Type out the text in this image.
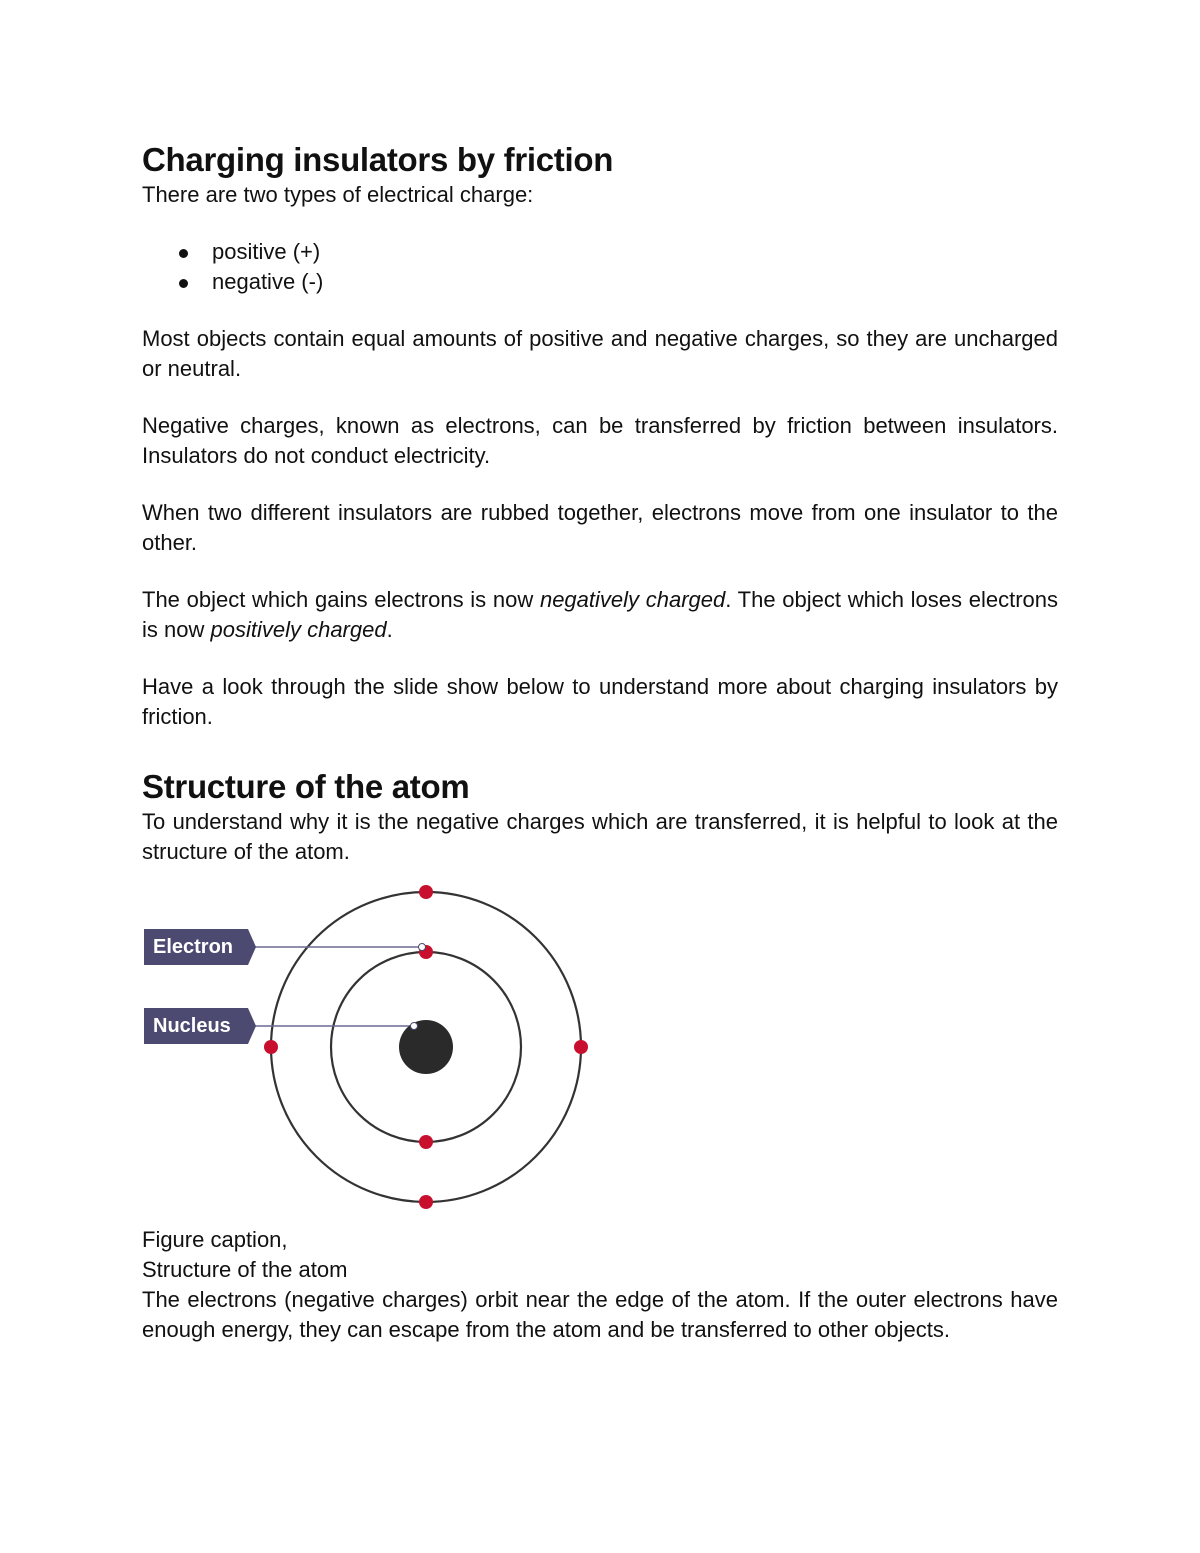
Charging insulators by friction

There are two types of electrical charge:

positive (+)
negative (-)

Most objects contain equal amounts of positive and negative charges, so they are uncharged or neutral.

Negative charges, known as electrons, can be transferred by friction between insulators. Insulators do not conduct electricity.

When two different insulators are rubbed together, electrons move from one insulator to the other.

The object which gains electrons is now negatively charged. The object which loses electrons is now positively charged.

Have a look through the slide show below to understand more about charging insulators by friction.

Structure of the atom

To understand why it is the negative charges which are transferred, it is helpful to look at the structure of the atom.

Electron
Nucleus

Figure caption,

Structure of the atom

The electrons (negative charges) orbit near the edge of the atom. If the outer electrons have enough energy, they can escape from the atom and be transferred to other objects.
